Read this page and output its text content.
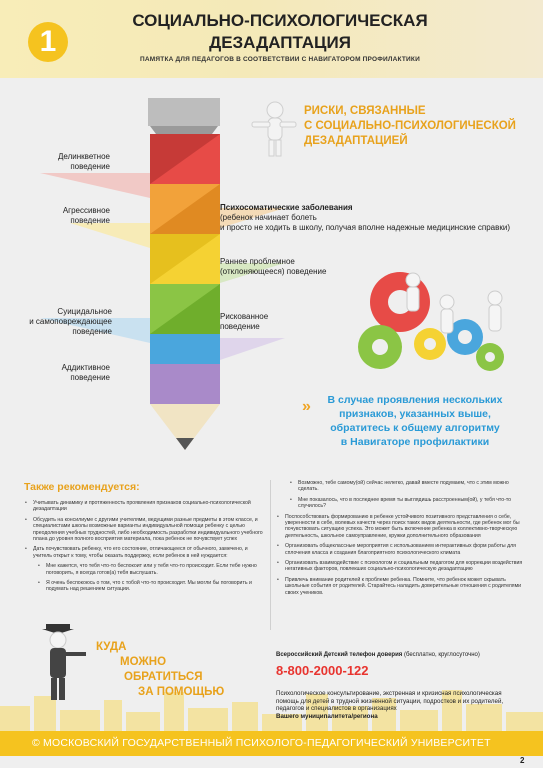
1
СОЦИАЛЬНО-ПСИХОЛОГИЧЕСКАЯ
ДЕЗАДАПТАЦИЯ
ПАМЯТКА ДЛЯ ПЕДАГОГОВ В СООТВЕТСТВИИ С НАВИГАТОРОМ ПРОФИЛАКТИКИ
Делинкветное
поведение
Агрессивное
поведение
Суицидальное
и самоповреждающее
поведение
Аддиктивное
поведение
РИСКИ, СВЯЗАННЫЕ
С СОЦИАЛЬНО-ПСИХОЛОГИЧЕСКОЙ
ДЕЗАДАПТАЦИЕЙ
Психосоматические заболевания
(ребенок начинает болеть
и просто не ходить в школу, получая вполне надежные медицинские справки)
Раннее проблемное
(отклоняющееся) поведение
Рискованное
поведение
»	В случае проявления нескольких
признаков, указанных выше,
обратитесь к общему алгоритму
в Навигаторе профилактики
Также рекомендуется:
• Учитывать динамику и протяженность проявления признаков социально-психологической дезадаптации
• Обсудить на консилиуме с другими учителями, ведущими разные предметы в этом классе, и специалистами школы возможные варианты индивидуальной помощи ребенку с целью преодоления учебных трудностей, либо необходимость разработки индивидуального учебного плана до уровня полного восприятия материала, пока ребенок не почувствует успех
• Дать почувствовать ребенку, что его состояние, отличающееся от обычного, замечено, и учитель открыт к тому, чтобы оказать поддержку, если ребенок в ней нуждается:
• Мне кажется, что тебя что-то беспокоит или у тебя что-то происходит. Если тебе нужно поговорить, я всегда готов(а) тебя выслушать.
• Я очень беспокоюсь о том, что с тобой что-то происходит. Мы могли бы поговорить и подумать над решением ситуации.
• Возможно, тебе самому(ой) сейчас нелегко, давай вместе подумаем, что с этим можно сделать.
• Мне показалось, что в последнее время ты выглядишь расстроенным(ой), у тебя что-то случилось?
• Поспособствовать формированию в ребенке устойчивого позитивного представления о себе, уверенности в себе, волевых качеств через поиск таких видов деятельности, где ребенок мог бы почувствовать ситуацию успеха. Это может быть включение ребенка в коллективно-творческую деятельность, школьное самоуправление, кружки дополнительного образования
• Организовать общеклассные мероприятия с использованием интерактивных форм работы для сплочения класса и создания благоприятного психологического климата
• Организовать взаимодействие с психологом и социальным педагогом для коррекции воздействия негативных факторов, повлекших социально-психологическую дезадаптацию
• Привлечь внимание родителей к проблеме ребенка. Помните, что ребенок может скрывать школьные события от родителей. Старайтесь наладить доверительные отношения с родителями своих учеников.
КУДА
МОЖНО
ОБРАТИТЬСЯ
ЗА ПОМОЩЬЮ
Всероссийский Детский телефон доверия (бесплатно, круглосуточно)
8-800-2000-122
Психологическое консультирование, экстренная и кризисная психологическая помощь для детей в трудной жизненной ситуации, подростков и их родителей, педагогов и специалистов в организациях
Вашего муниципалитета/региона
© МОСКОВСКИЙ ГОСУДАРСТВЕННЫЙ ПСИХОЛОГО-ПЕДАГОГИЧЕСКИЙ УНИВЕРСИТЕТ
2
